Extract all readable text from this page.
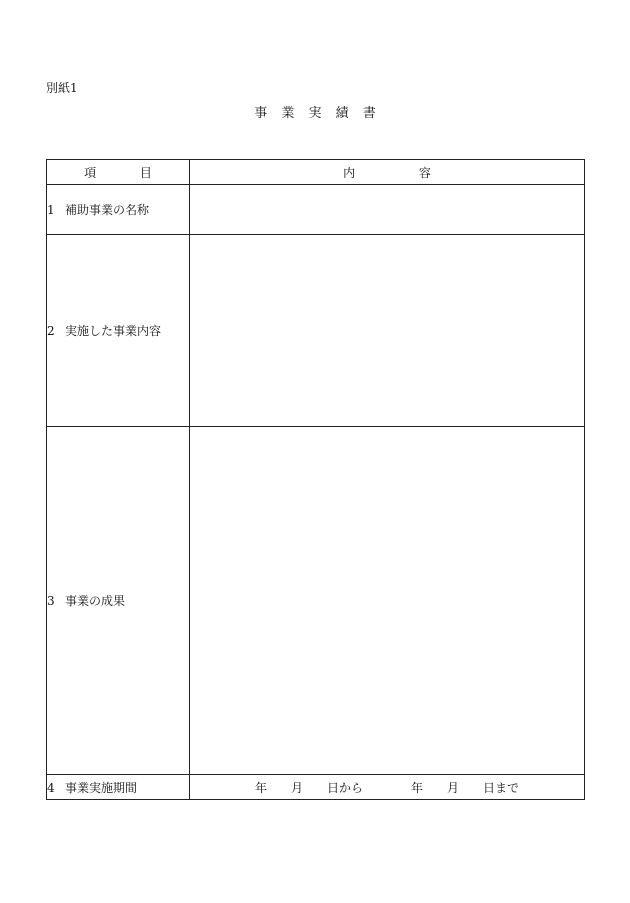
別紙1
事 業 実 績 書
項 目	内 容
1 補助事業の名称	
2 実施した事業内容	
3 事業の成果	
4 事業実施期間	年　　月　　日から　　　　年　　月　　日まで
